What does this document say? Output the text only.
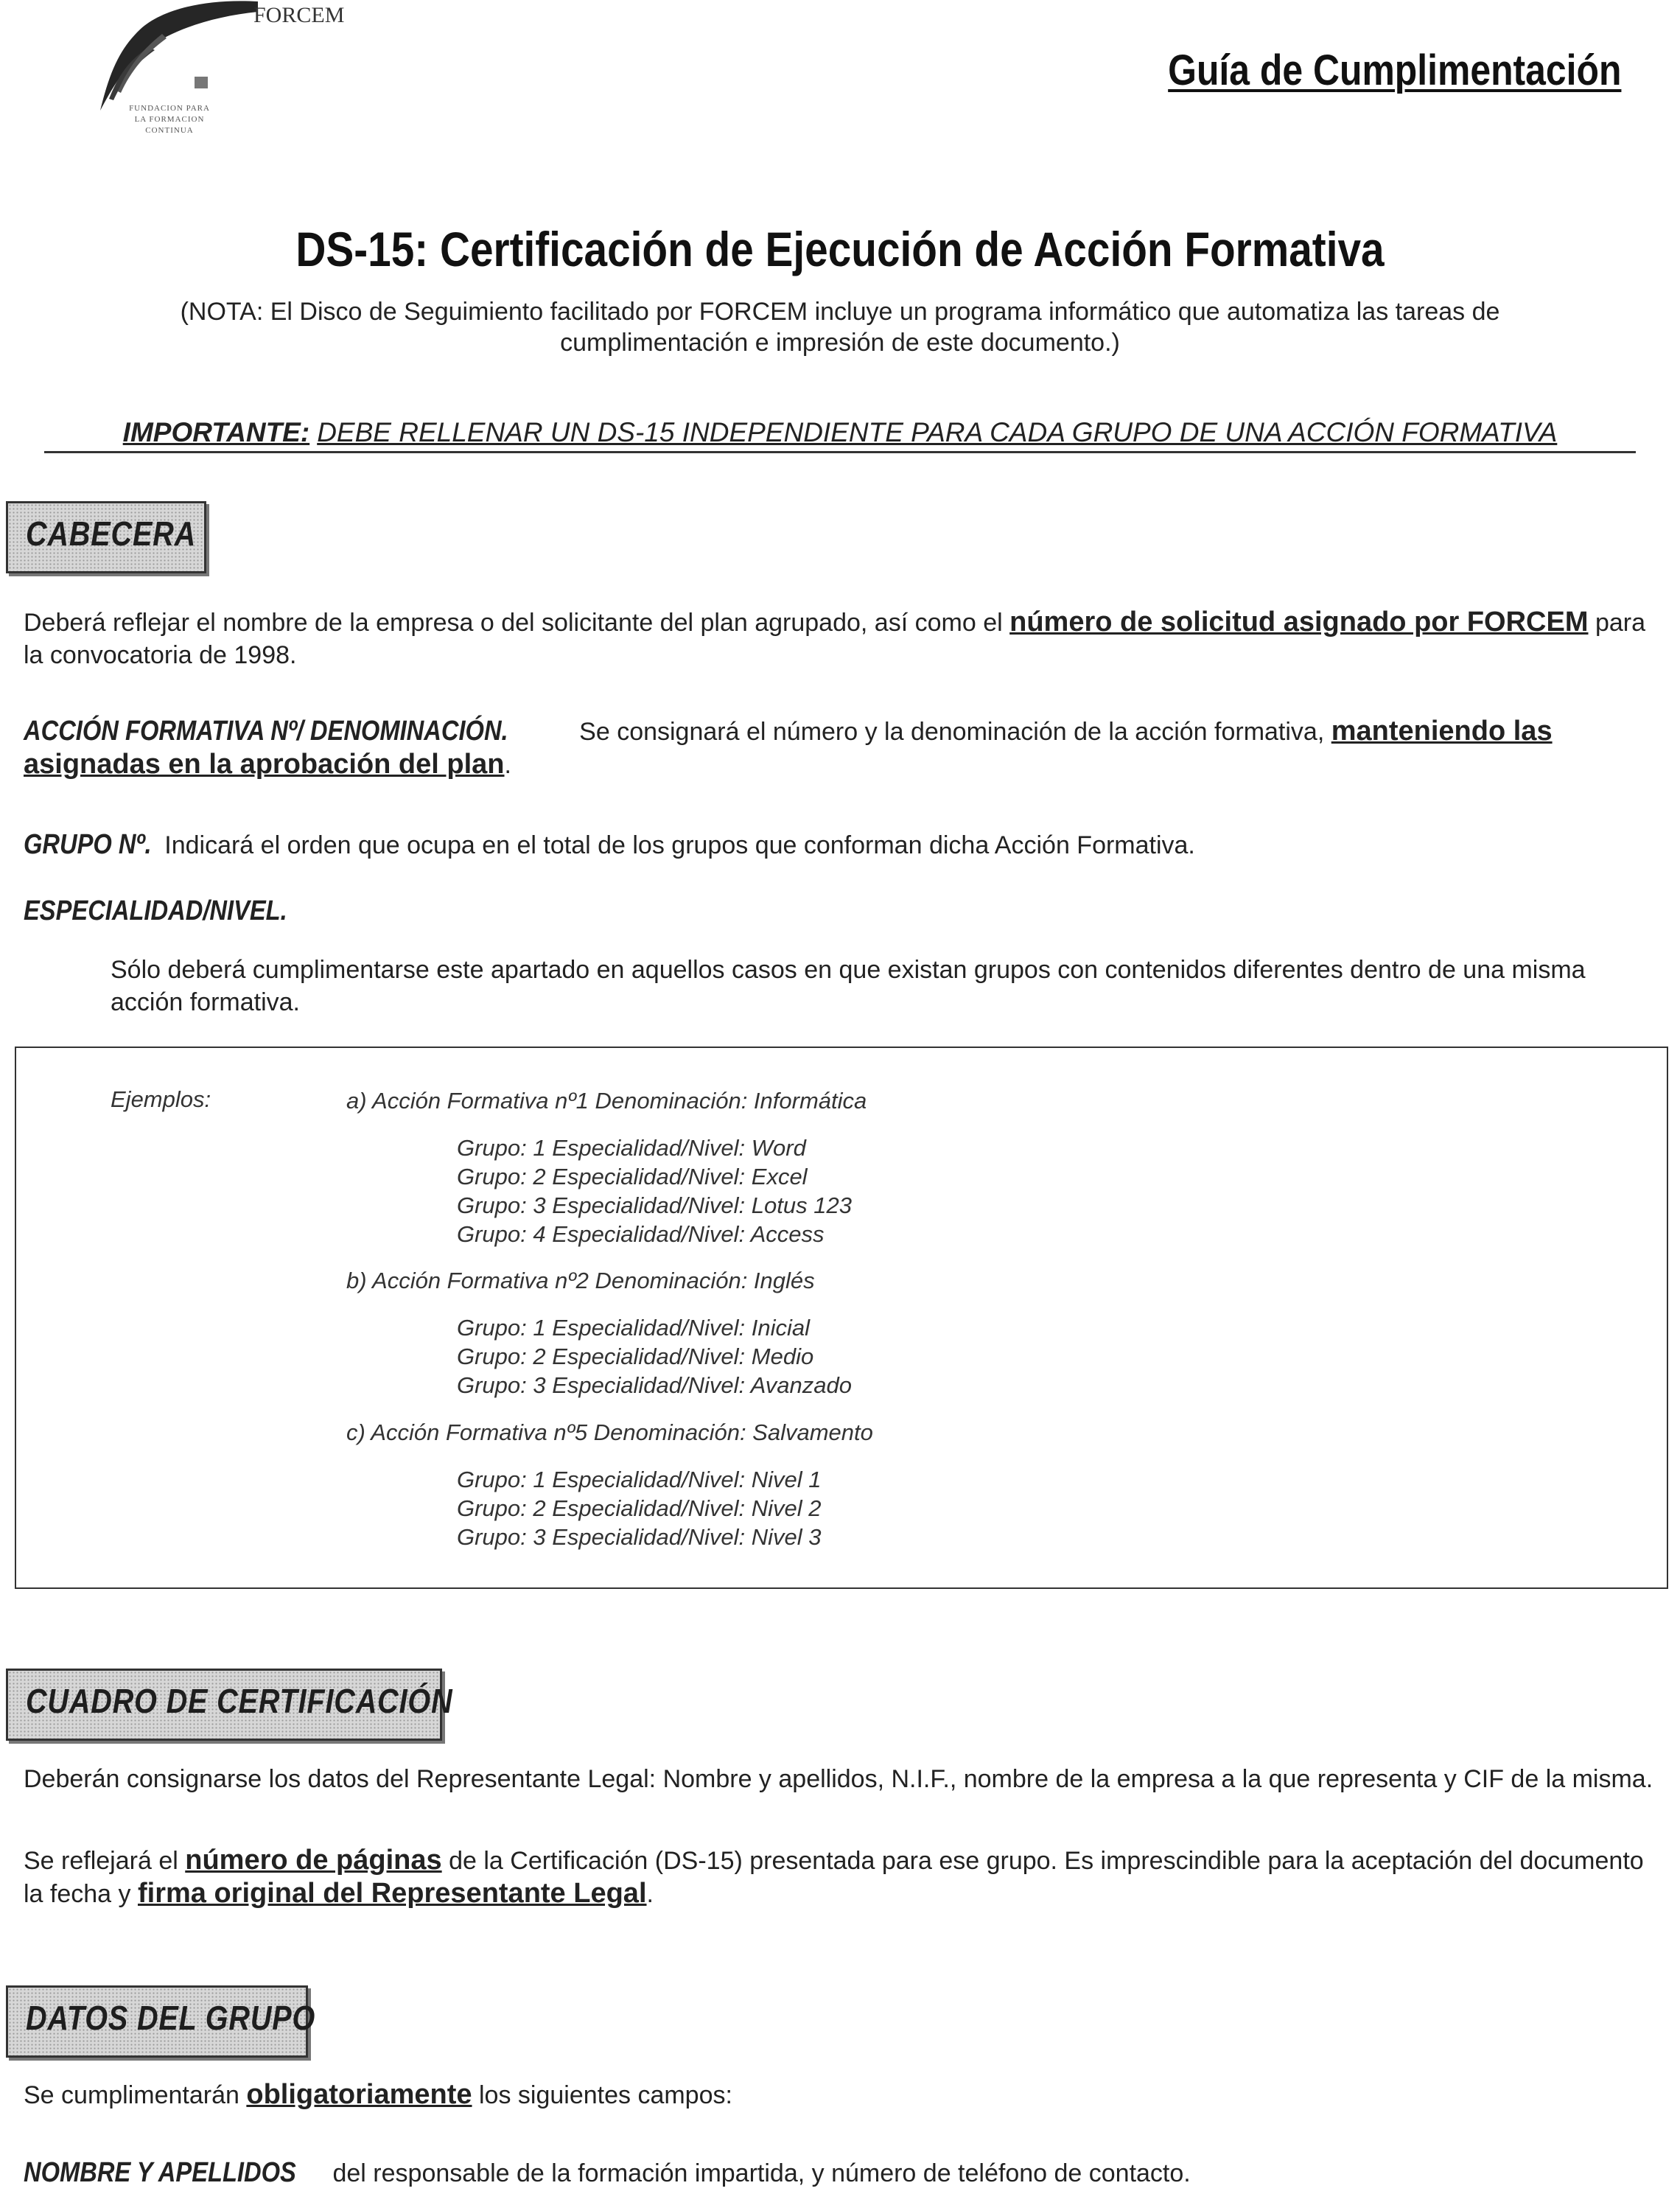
FORCEM
FUNDACION PARA LA FORMACION CONTINUA
Guía de Cumplimentación
DS-15: Certificación de Ejecución de Acción Formativa
(NOTA: El Disco de Seguimiento facilitado por FORCEM incluye un programa informático que automatiza las tareas de cumplimentación e impresión de este documento.)
IMPORTANTE: DEBE RELLENAR UN DS-15 INDEPENDIENTE PARA CADA GRUPO DE UNA ACCIÓN FORMATIVA
CABECERA
Deberá reflejar el nombre de la empresa o del solicitante del plan agrupado, así como el número de solicitud asignado por FORCEM para la convocatoria de 1998.
ACCIÓN FORMATIVA Nº/ DENOMINACIÓN.	Se consignará el número y la denominación de la acción formativa, manteniendo las asignadas en la aprobación del plan.
GRUPO Nº. Indicará el orden que ocupa en el total de los grupos que conforman dicha Acción Formativa.
ESPECIALIDAD/NIVEL.
Sólo deberá cumplimentarse este apartado en aquellos casos en que existan grupos con contenidos diferentes dentro de una misma acción formativa.
Ejemplos:	a) Acción Formativa nº1 Denominación: Informática
Grupo: 1 Especialidad/Nivel: Word
Grupo: 2 Especialidad/Nivel: Excel
Grupo: 3 Especialidad/Nivel: Lotus 123
Grupo: 4 Especialidad/Nivel: Access
b) Acción Formativa nº2 Denominación: Inglés
Grupo: 1 Especialidad/Nivel: Inicial
Grupo: 2 Especialidad/Nivel: Medio
Grupo: 3 Especialidad/Nivel: Avanzado
c) Acción Formativa nº5 Denominación: Salvamento
Grupo: 1 Especialidad/Nivel: Nivel 1
Grupo: 2 Especialidad/Nivel: Nivel 2
Grupo: 3 Especialidad/Nivel: Nivel 3
CUADRO DE CERTIFICACIÓN
Deberán consignarse los datos del Representante Legal: Nombre y apellidos, N.I.F., nombre de la empresa a la que representa y CIF de la misma.
Se reflejará el número de páginas de la Certificación (DS-15) presentada para ese grupo. Es imprescindible para la aceptación del documento la fecha y firma original del Representante Legal.
DATOS DEL GRUPO
Se cumplimentarán obligatoriamente los siguientes campos:
NOMBRE Y APELLIDOS del responsable de la formación impartida, y número de teléfono de contacto.
